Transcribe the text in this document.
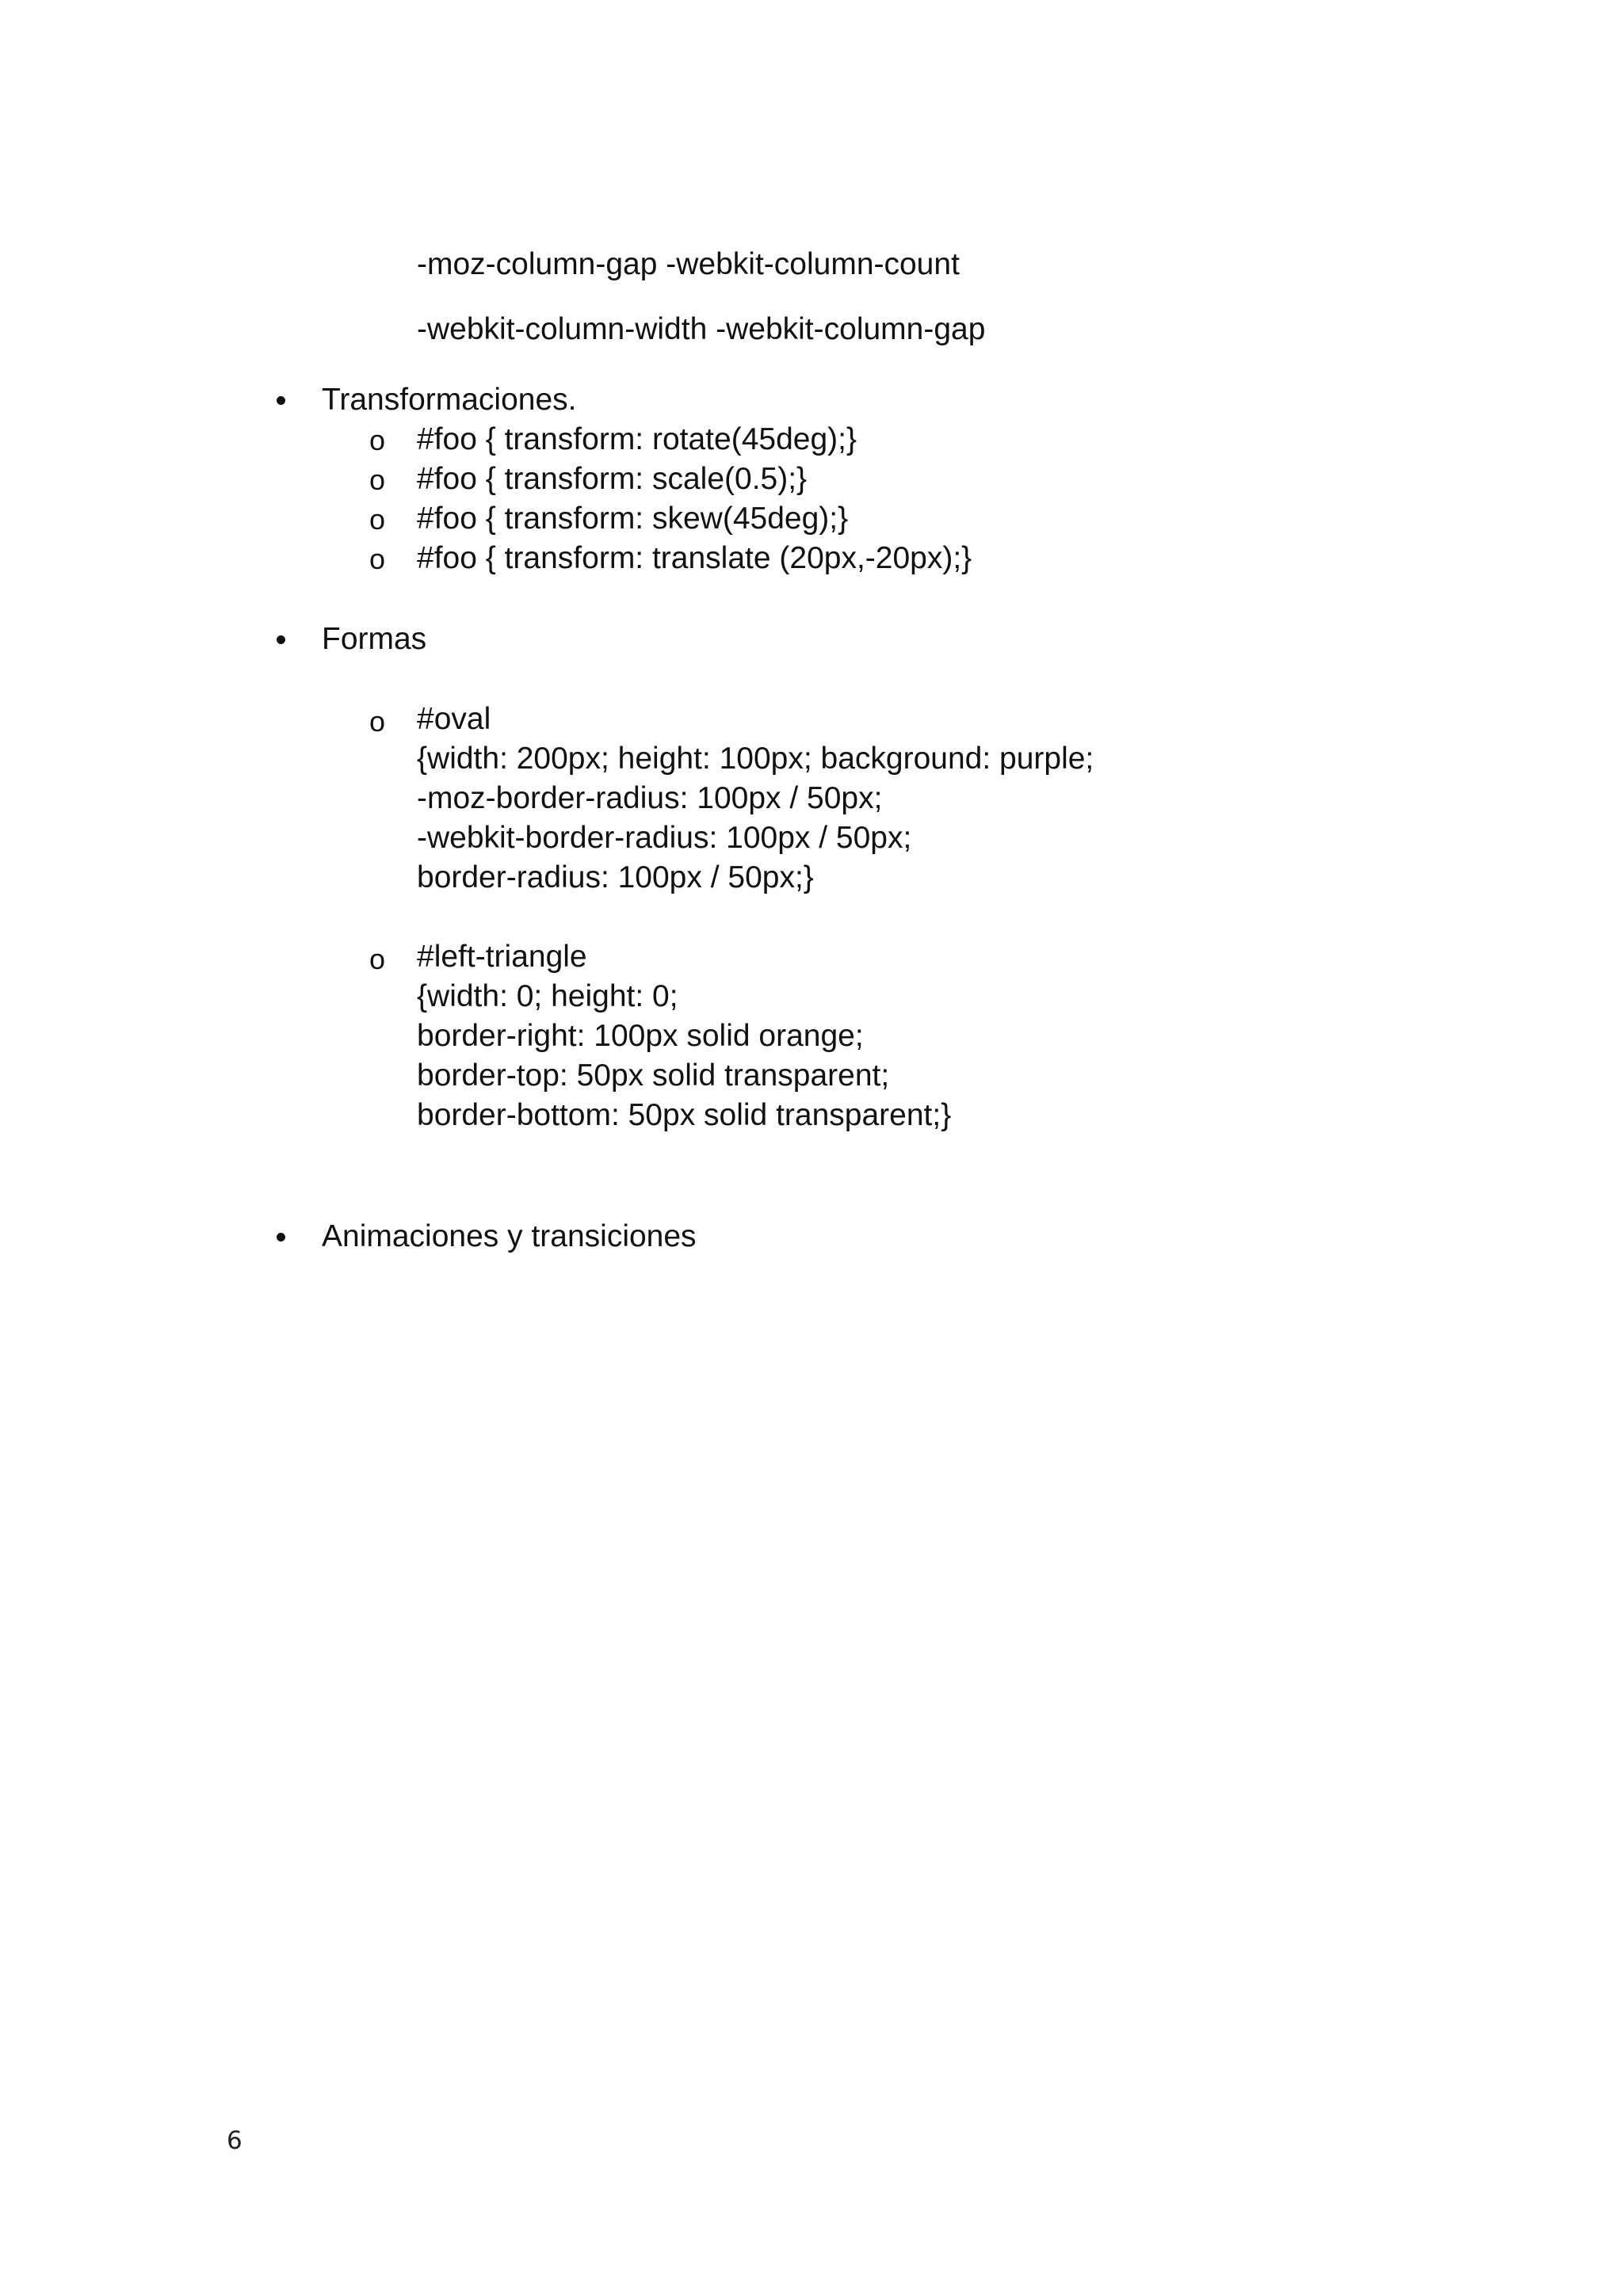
-moz-column-gap -webkit-column-count
-webkit-column-width -webkit-column-gap
Transformaciones.
o #foo { transform: rotate(45deg);}
o #foo { transform: scale(0.5);}
o #foo { transform: skew(45deg);}
o #foo { transform: translate (20px,-20px);}
Formas
o #oval
{width: 200px; height: 100px; background: purple;
-moz-border-radius: 100px / 50px;
-webkit-border-radius: 100px / 50px;
border-radius: 100px / 50px;}
o #left-triangle
{width: 0; height: 0;
border-right: 100px solid orange;
border-top: 50px solid transparent;
border-bottom: 50px solid transparent;}
Animaciones y transiciones
6
